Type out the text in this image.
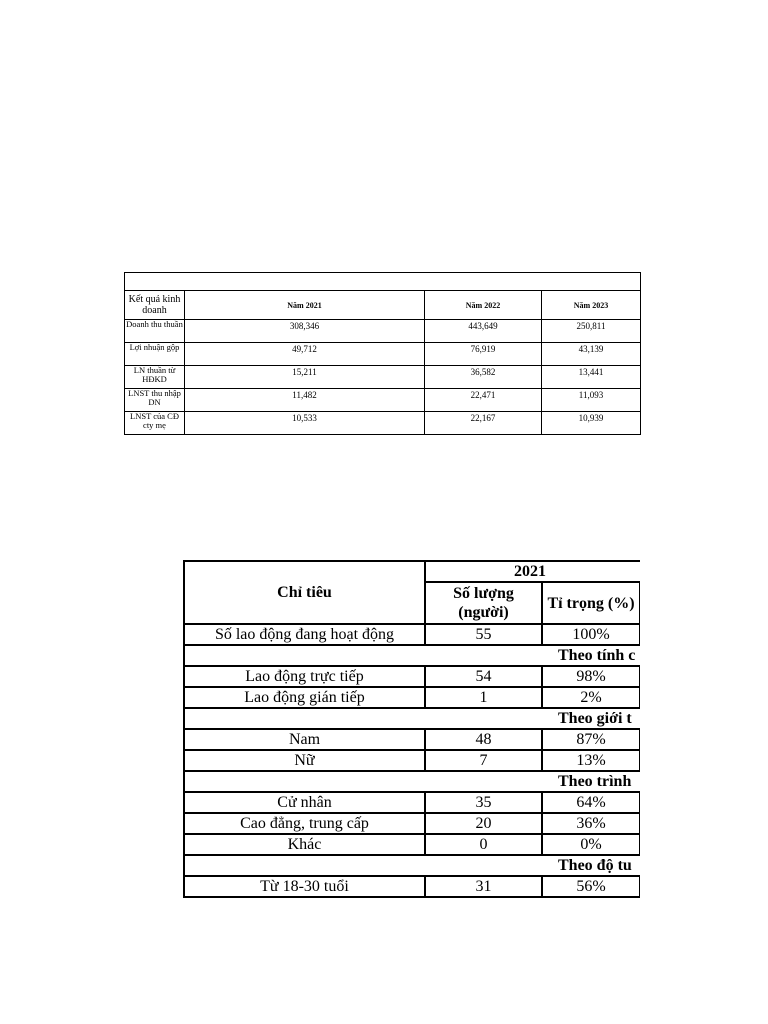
Kết quả kinh doanh	Năm 2021	Năm 2022	Năm 2023
Doanh thu thuần	308,346	443,649	250,811
Lợi nhuận gộp	49,712	76,919	43,139
LN thuần từ HĐKD	15,211	36,582	13,441
LNST thu nhập DN	11,482	22,471	11,093
LNST của CĐ cty mẹ	10,533	22,167	10,939
Chỉ tiêu	2021		
	Số lượng (người)	Tỉ trọng (%)	
Số lao động đang hoạt động	55	100%	
Theo tính c			
Lao động trực tiếp	54	98%	
Lao động gián tiếp	1	2%	
Theo giới t			
Nam	48	87%	
Nữ	7	13%	
Theo trình			
Cử nhân	35	64%	
Cao đẳng, trung cấp	20	36%	
Khác	0	0%	
Theo độ tu			
Từ 18-30 tuổi	31	56%	
